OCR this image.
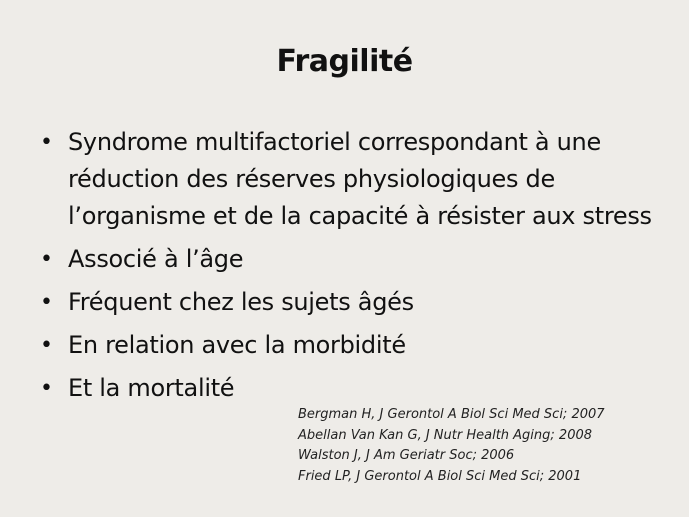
Fragilité
• Syndrome multifactoriel correspondant à une réduction des réserves physiologiques de l’organisme et de la capacité à résister aux stress
• Associé à l’âge
• Fréquent chez les sujets âgés
• En relation avec la morbidité
• Et la mortalité
Bergman H, J Gerontol A Biol Sci Med Sci; 2007
Abellan Van Kan G, J Nutr Health Aging; 2008
Walston J, J Am Geriatr Soc; 2006
Fried LP, J Gerontol A Biol Sci Med Sci; 2001
